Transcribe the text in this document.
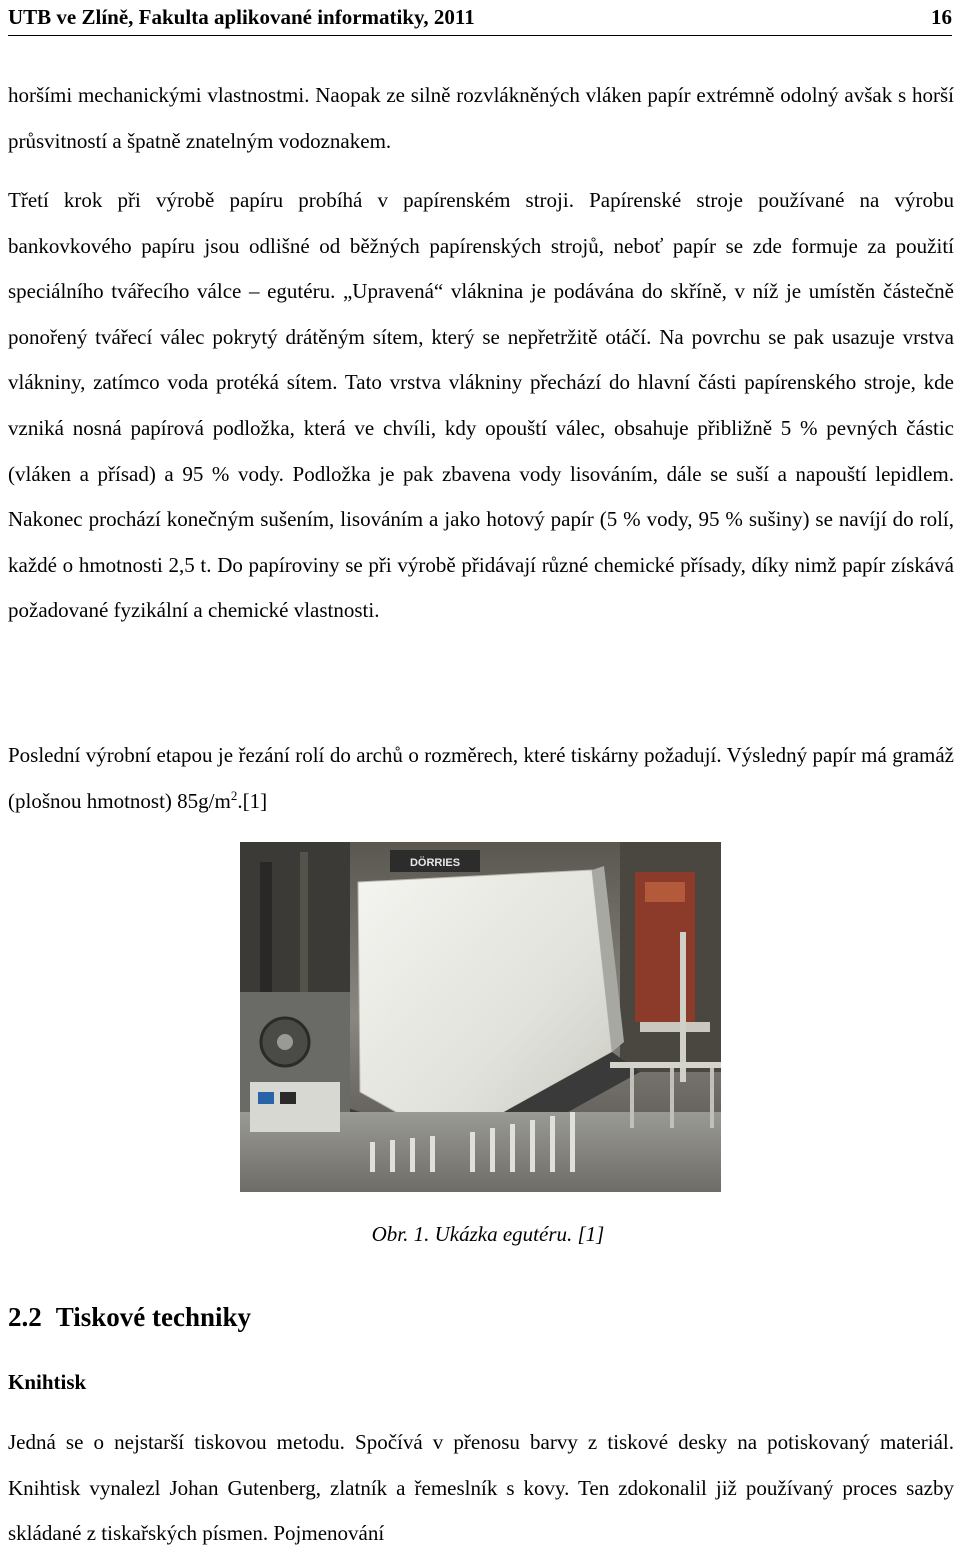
UTB ve Zlíně, Fakulta aplikované informatiky, 2011	16

horšími mechanickými vlastnostmi. Naopak ze silně rozvlákněných vláken papír extrémně odolný avšak s horší průsvitností a špatně znatelným vodoznakem.

Třetí krok při výrobě papíru probíhá v papírenském stroji. Papírenské stroje používané na výrobu bankovkového papíru jsou odlišné od běžných papírenských strojů, neboť papír se zde formuje za použití speciálního tvářecího válce – egutéru. „Upravená“ vláknina je podávána do skříně, v níž je umístěn částečně ponořený tvářecí válec pokrytý drátěným sítem, který se nepřetržitě otáčí. Na povrchu se pak usazuje vrstva vlákniny, zatímco voda protéká sítem. Tato vrstva vlákniny přechází do hlavní části papírenského stroje, kde vzniká nosná papírová podložka, která ve chvíli, kdy opouští válec, obsahuje přibližně 5 % pevných částic (vláken a přísad) a 95 % vody. Podložka je pak zbavena vody lisováním, dále se suší a napouští lepidlem. Nakonec prochází konečným sušením, lisováním a jako hotový papír (5 % vody, 95 % sušiny) se navíjí do rolí, každé o hmotnosti 2,5 t. Do papíroviny se při výrobě přidávají různé chemické přísady, díky nimž papír získává požadované fyzikální a chemické vlastnosti.

Poslední výrobní etapou je řezání rolí do archů o rozměrech, které tiskárny požadují. Výsledný papír má gramáž (plošnou hmotnost) $85g/m^2.[1]$

DÖRRIES
Obr. 1. Ukázka egutéru. [1]
2.2 Tiskové techniky
Knihtisk

Jedná se o nejstarší tiskovou metodu. Spočívá v přenosu barvy z tiskové desky na potiskovaný materiál. Knihtisk vynalezl Johan Gutenberg, zlatník a řemeslník s kovy. Ten zdokonalil již používaný proces sazby skládané z tiskařských písmen. Pojmenování
